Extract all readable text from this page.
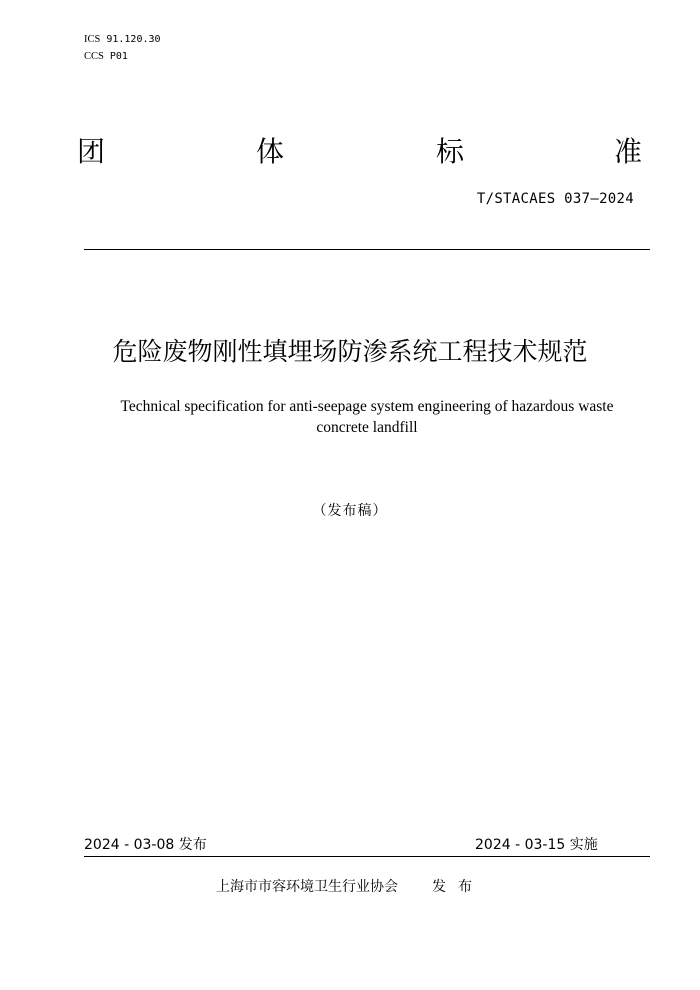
ICS 91.120.30
CCS P01
团	体	标	准
T/STACAES 037—2024
危险废物刚性填埋场防渗系统工程技术规范
Technical specification for anti-seepage system engineering of hazardous waste
concrete landfill
（发布稿）
2024 - 03-08 发布	2024 - 03-15 实施
上海市市容环境卫生行业协会 发布
